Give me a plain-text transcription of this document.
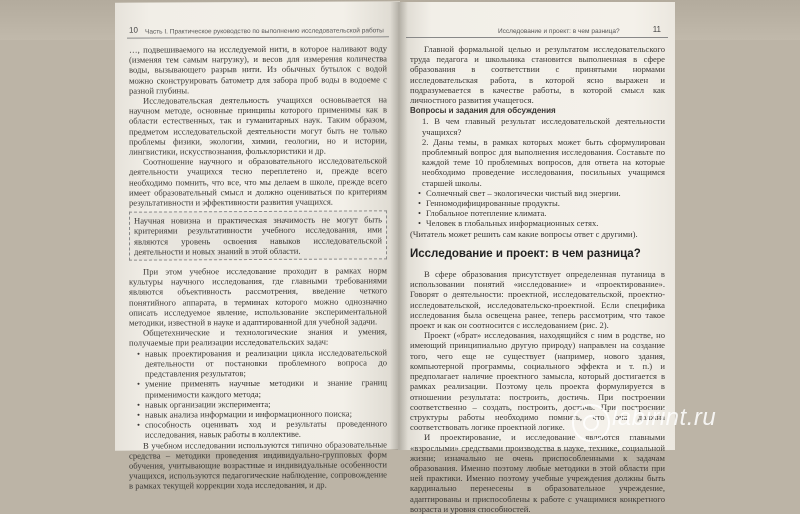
10 Часть I. Практическое руководство по выполнению исследовательской работы

…, подвешиваемого на исследуемой нити, в которое наливают воду (изменяя тем самым нагрузку), и весов для измерения количества воды, вызывающего разрыв нити. Из обычных бутылок с водой можно сконструировать батометр для забора проб воды в водоеме с разной глубины.

Исследовательская деятельность учащихся основывается на научном методе, основные принципы которого применимы как в области естественных, так и гуманитарных наук. Таким образом, предметом исследовательской деятельности могут быть не только проблемы физики, экологии, химии, геологии, но и истории, лингвистики, искусствознания, фольклористики и др.

Соотношение научного и образовательного исследовательской деятельности учащихся тесно переплетено и, прежде всего необходимо помнить, что все, что мы делаем в школе, прежде всего имеет образовательный смысл и должно оцениваться по критериям результативности и эффективности развития учащихся.

Научная новизна и практическая значимость не могут быть критериями результативности учебного исследования, ими являются уровень освоения навыков исследовательской деятельности и новых знаний в этой области.

При этом учебное исследование проходит в рамках норм культуры научного исследования, где главными требованиями являются объективность рассмотрения, введение четкого понятийного аппарата, в терминах которого можно однозначно описать исследуемое явление, использование экспериментальной методики, известной в науке и адаптированной для учебной задачи.

Общетехнические и технологические знания и умения, получаемые при реализации исследовательских задач:

• навык проектирования и реализации цикла исследовательской деятельности от постановки проблемного вопроса до представления результатов;
• умение применять научные методики и знание границ применимости каждого метода;
• навык организации эксперимента;
• навык анализа информации и информационного поиска;
• способность оценивать ход и результаты проведенного исследования, навык работы в коллективе.

В учебном исследовании используются типично образовательные средства – методики проведения индивидуально-групповых форм обучения, учитывающие возрастные и индивидуальные особенности учащихся, используются педагогические наблюдение, сопровождение в рамках текущей коррекции хода исследования, и др.

Исследование и проект: в чем разница?	11

Главной формальной целью и результатом исследовательского труда педагога и школьника становится выполненная в сфере образования в соответствии с принятыми нормами исследовательская работа, в которой ясно выражен и подразумевается в качестве работы, в которой смысл как личностного развития учащегося.

Вопросы и задания для обсуждения
1. В чем главный результат исследовательской деятельности учащихся?
2. Даны темы, в рамках которых может быть сформулирован проблемный вопрос для выполнения исследования. Составьте по каждой теме 10 проблемных вопросов, для ответа на которые необходимо проведение исследования, посильных учащимся старшей школы.
• Солнечный свет – экологически чистый вид энергии.
• Генномодифицированные продукты.
• Глобальное потепление климата.
• Человек в глобальных информационных сетях.

(Читатель может решить сам какие вопросы ответ с другими).

Исследование и проект: в чем разница?

В сфере образования присутствует определенная путаница в использовании понятий «исследование» и «проектирование». Говорят о деятельности: проектной, исследовательской, проектно-исследовательской, исследовательско-проектной. Если специфика исследования была освещена ранее, теперь рассмотрим, что такое проект и как он соотносится с исследованием (рис. 2).

Проект («брат» исследования, находящийся с ним в родстве, но имеющий принципиально другую природу) направлен на создание того, чего еще не существует (например, нового здания, компьютерной программы, социального эффекта и т. п.) и предполагает наличие проектного замысла, который достигается в рамках реализации. Поэтому цель проекта формулируется в отношении результата: построить, достичь. При построении соответственно – создать, построить, достичь. При построении структуры работы необходимо помнить, что она должна соответствовать логике проектной логике.

И проектирование, и исследование являются главными «взрослыми» средствами производства в науке, технике, социальной жизни; изначально не очень приспособленными к задачам образования. Именно поэтому любые методики в этой области при ней практики. Именно поэтому учебные учреждения должны быть кардинально перенесены в образовательное учреждение, адаптированы и приспособлены к работе с учащимися конкретного возраста и уровня способностей.

labirint.ru
